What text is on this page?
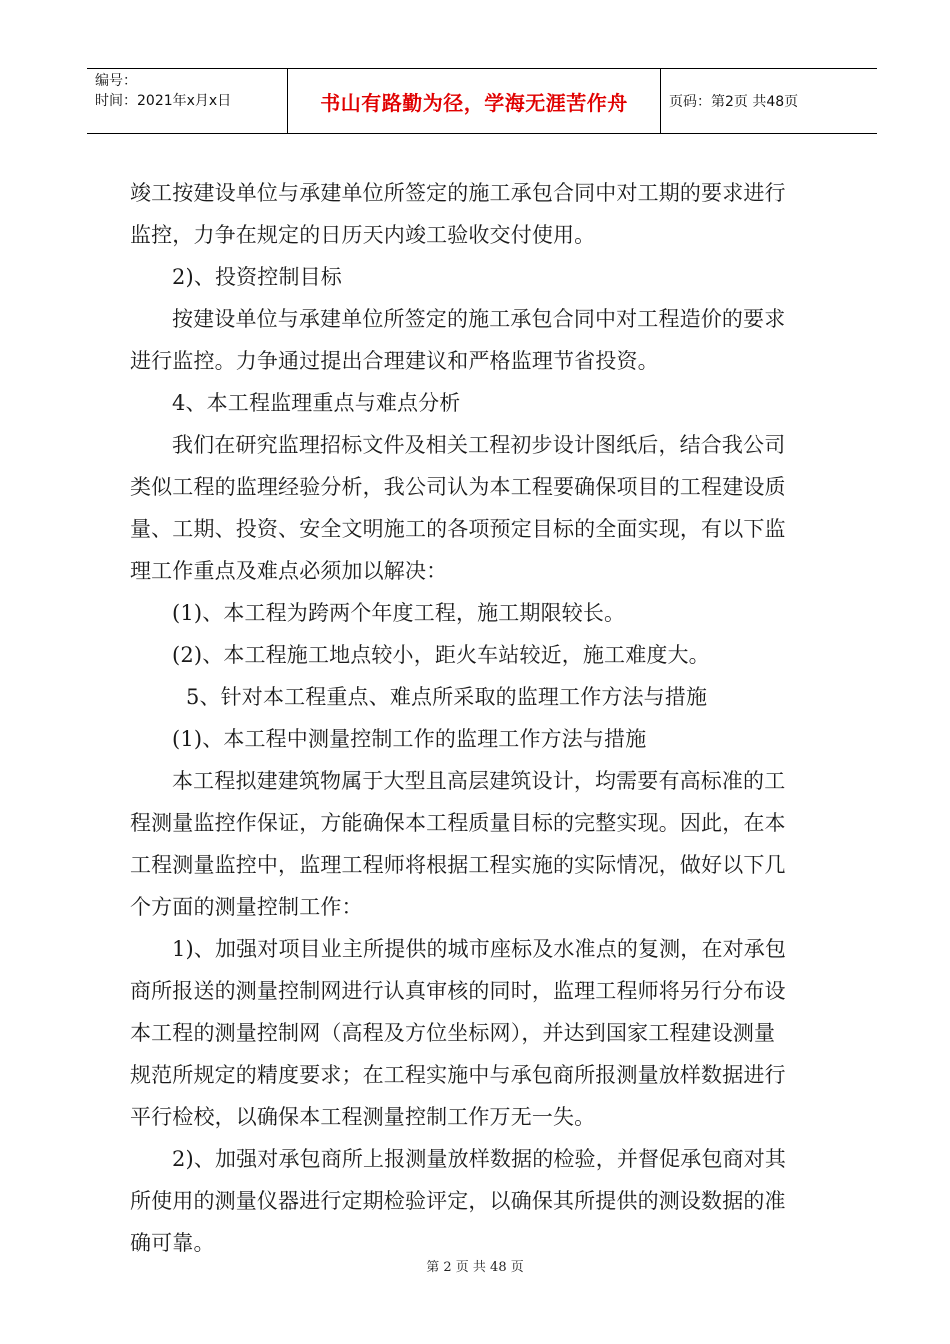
编号：
时间：2021年x月x日	书山有路勤为径，学海无涯苦作舟	页码：第2页 共48页

竣工按建设单位与承建单位所签定的施工承包合同中对工期的要求进行

监控，力争在规定的日历天内竣工验收交付使用。

2)、投资控制目标

按建设单位与承建单位所签定的施工承包合同中对工程造价的要求

进行监控。力争通过提出合理建议和严格监理节省投资。

4、本工程监理重点与难点分析

我们在研究监理招标文件及相关工程初步设计图纸后，结合我公司

类似工程的监理经验分析，我公司认为本工程要确保项目的工程建设质

量、工期、投资、安全文明施工的各项预定目标的全面实现，有以下监

理工作重点及难点必须加以解决：

(1)、本工程为跨两个年度工程，施工期限较长。

(2)、本工程施工地点较小，距火车站较近，施工难度大。

5、针对本工程重点、难点所采取的监理工作方法与措施

(1)、本工程中测量控制工作的监理工作方法与措施

本工程拟建建筑物属于大型且高层建筑设计，均需要有高标准的工

程测量监控作保证，方能确保本工程质量目标的完整实现。因此，在本

工程测量监控中，监理工程师将根据工程实施的实际情况，做好以下几

个方面的测量控制工作：

1)、加强对项目业主所提供的城市座标及水准点的复测，在对承包

商所报送的测量控制网进行认真审核的同时，监理工程师将另行分布设

本工程的测量控制网（高程及方位坐标网），并达到国家工程建设测量

规范所规定的精度要求；在工程实施中与承包商所报测量放样数据进行

平行检校，以确保本工程测量控制工作万无一失。

2)、加强对承包商所上报测量放样数据的检验，并督促承包商对其

所使用的测量仪器进行定期检验评定，以确保其所提供的测设数据的准

确可靠。

第 2 页 共 48 页
